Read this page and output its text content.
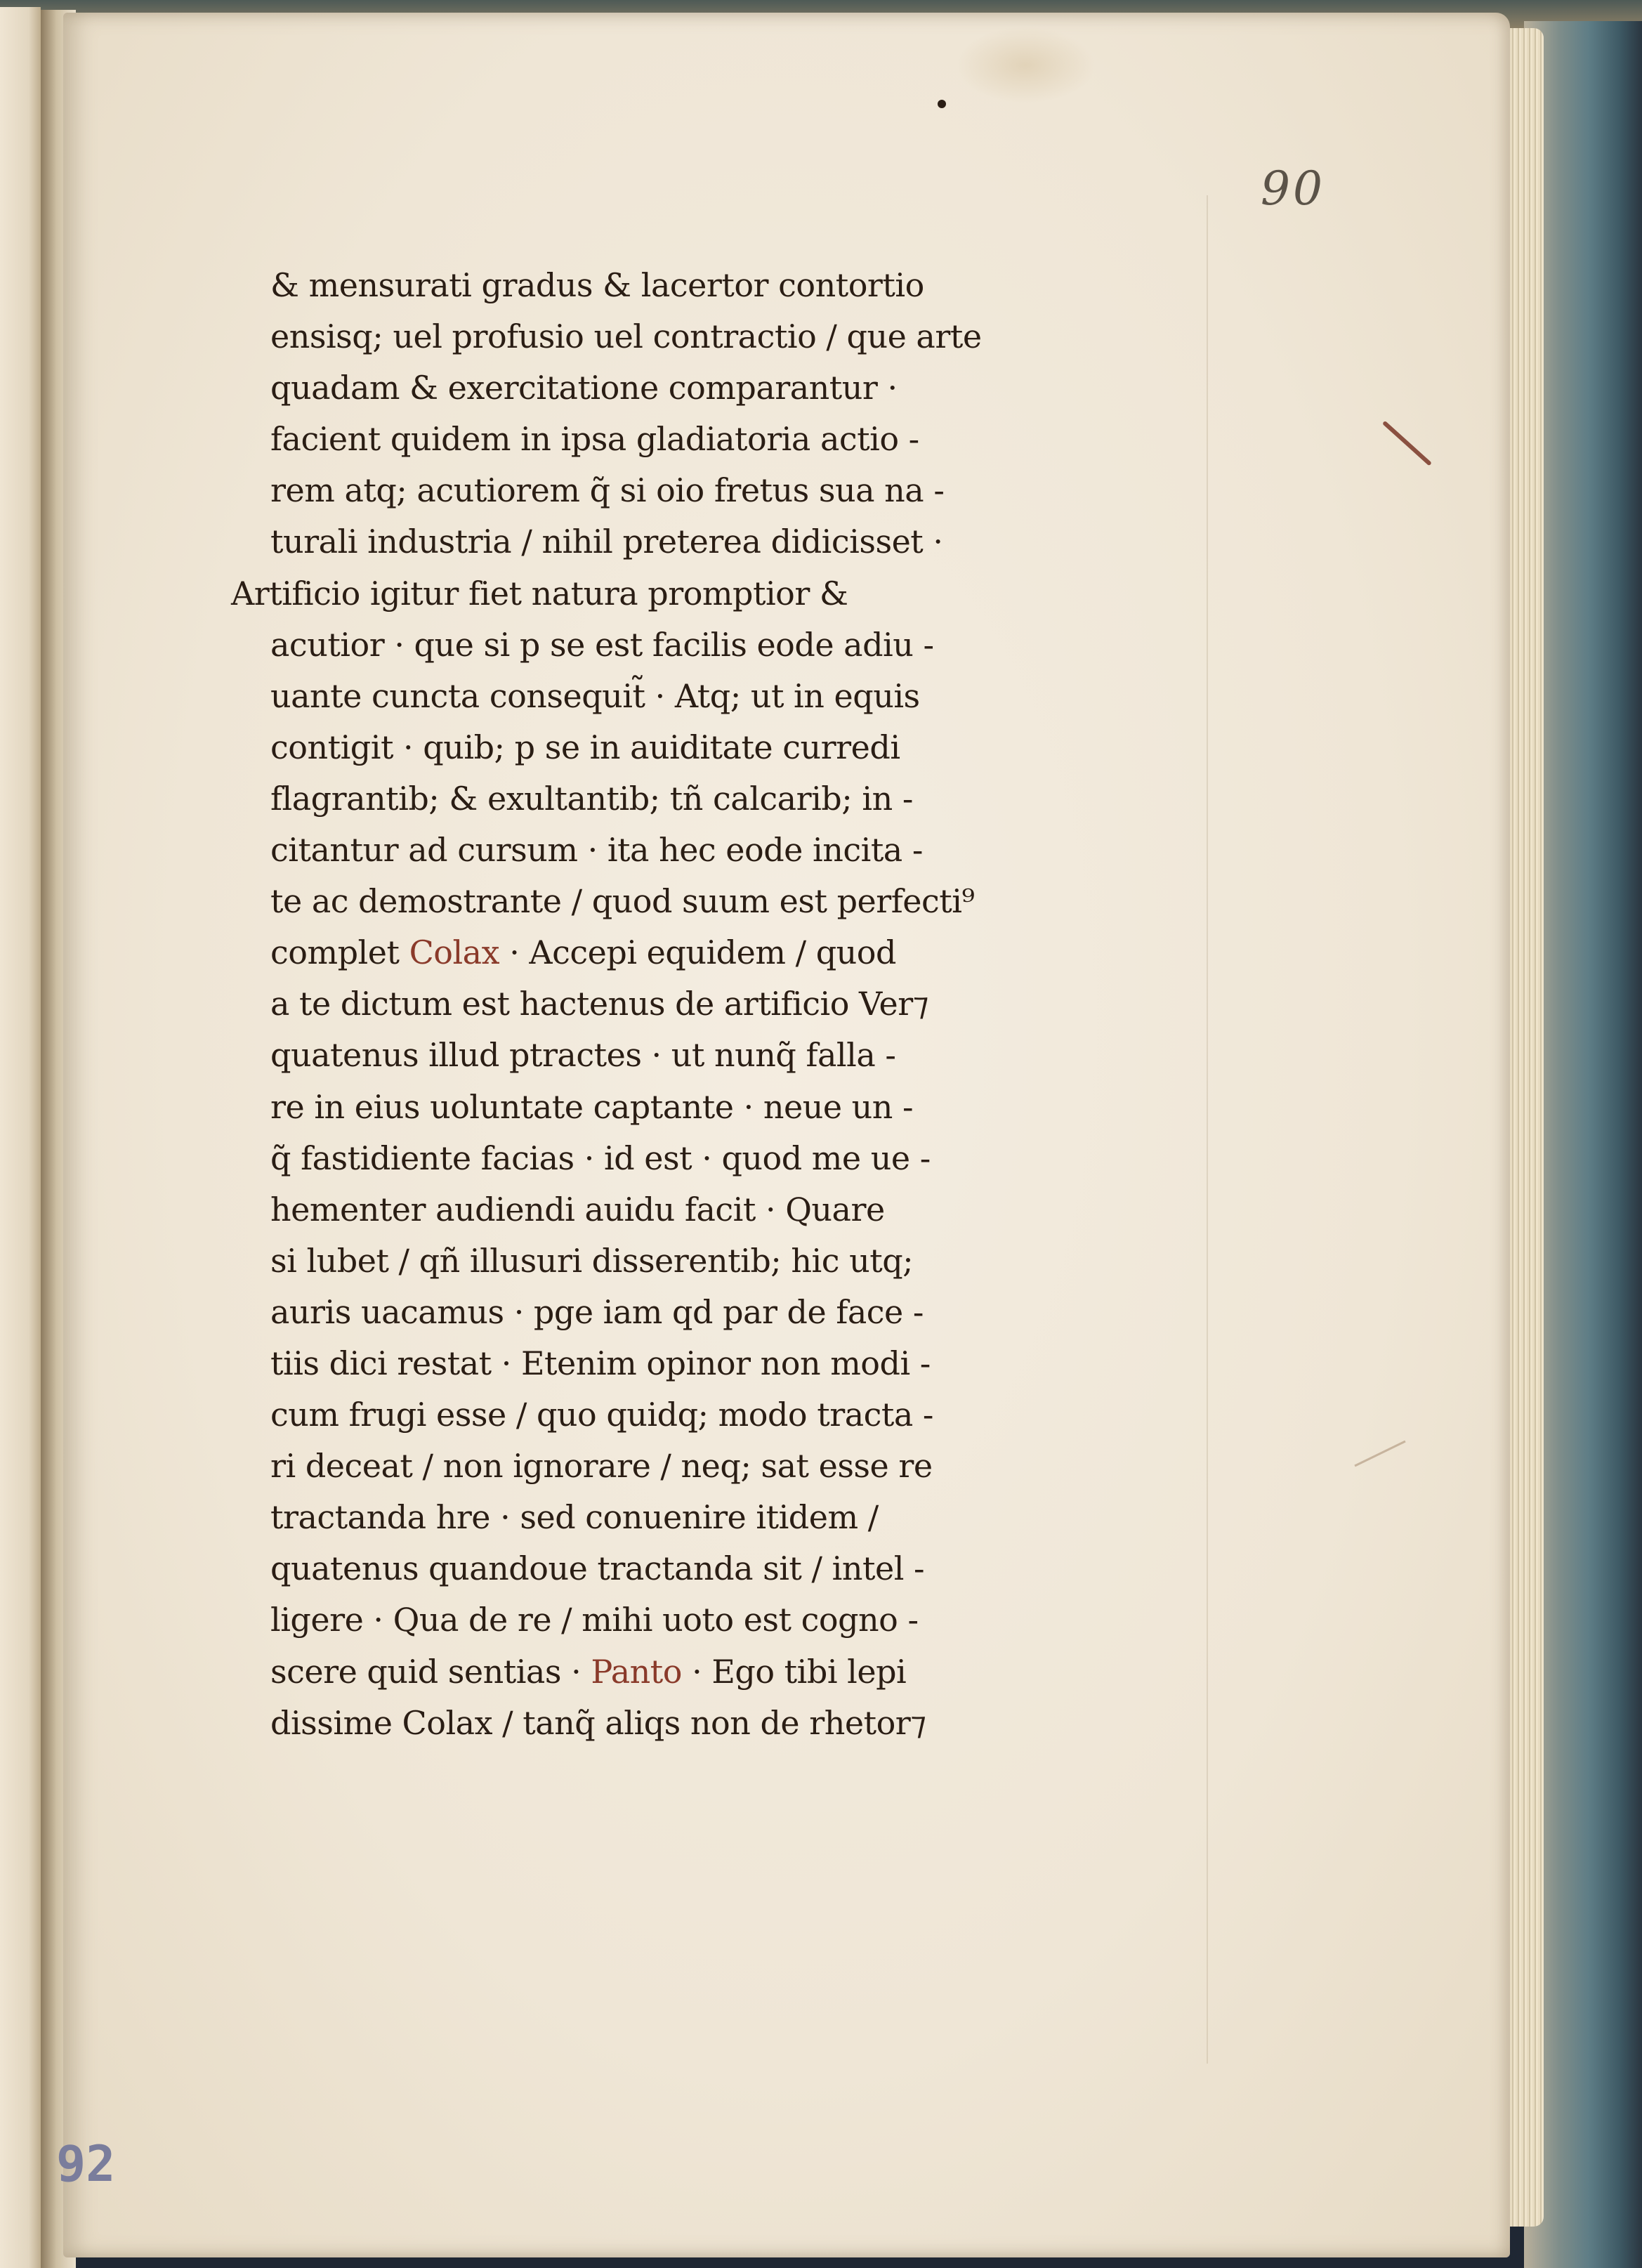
90
92
& mensurati gradus & lacertor contortio
ensisq; uel profusio uel contractio / que arte
quadam & exercitatione comparantur ·
facient quidem in ipsa gladiatoria actio -
rem atq; acutiorem q̃ si oio fretus sua na -
turali industria / nihil preterea didicisset ·
Artificio igitur fiet natura promptior &
acutior · que si p se est facilis eode adiu -
uante cuncta consequit̃ · Atq; ut in equis
contigit · quib; p se in auiditate curredi
flagrantib; & exultantib; tñ calcarib; in -
citantur ad cursum · ita hec eode incita -
te ac demostrante / quod suum est perfecti⁹
complet Colax · Accepi equidem / quod
a te dictum est hactenus de artificio Ver⁊
quatenus illud ptractes · ut nunq̃ falla -
re in eius uoluntate captante · neue un -
q̃ fastidiente facias · id est · quod me ue -
hementer audiendi auidu facit · Quare
si lubet / qñ illusuri disserentib; hic utq;
auris uacamus · pge iam qd par de face -
tiis dici restat · Etenim opinor non modi -
cum frugi esse / quo quidq; modo tracta -
ri deceat / non ignorare / neq; sat esse re
tractanda hre · sed conuenire itidem /
quatenus quandoue tractanda sit / intel -
ligere · Qua de re / mihi uoto est cogno -
scere quid sentias · Panto · Ego tibi lepi
dissime Colax / tanq̃ aliqs non de rhetor⁊
